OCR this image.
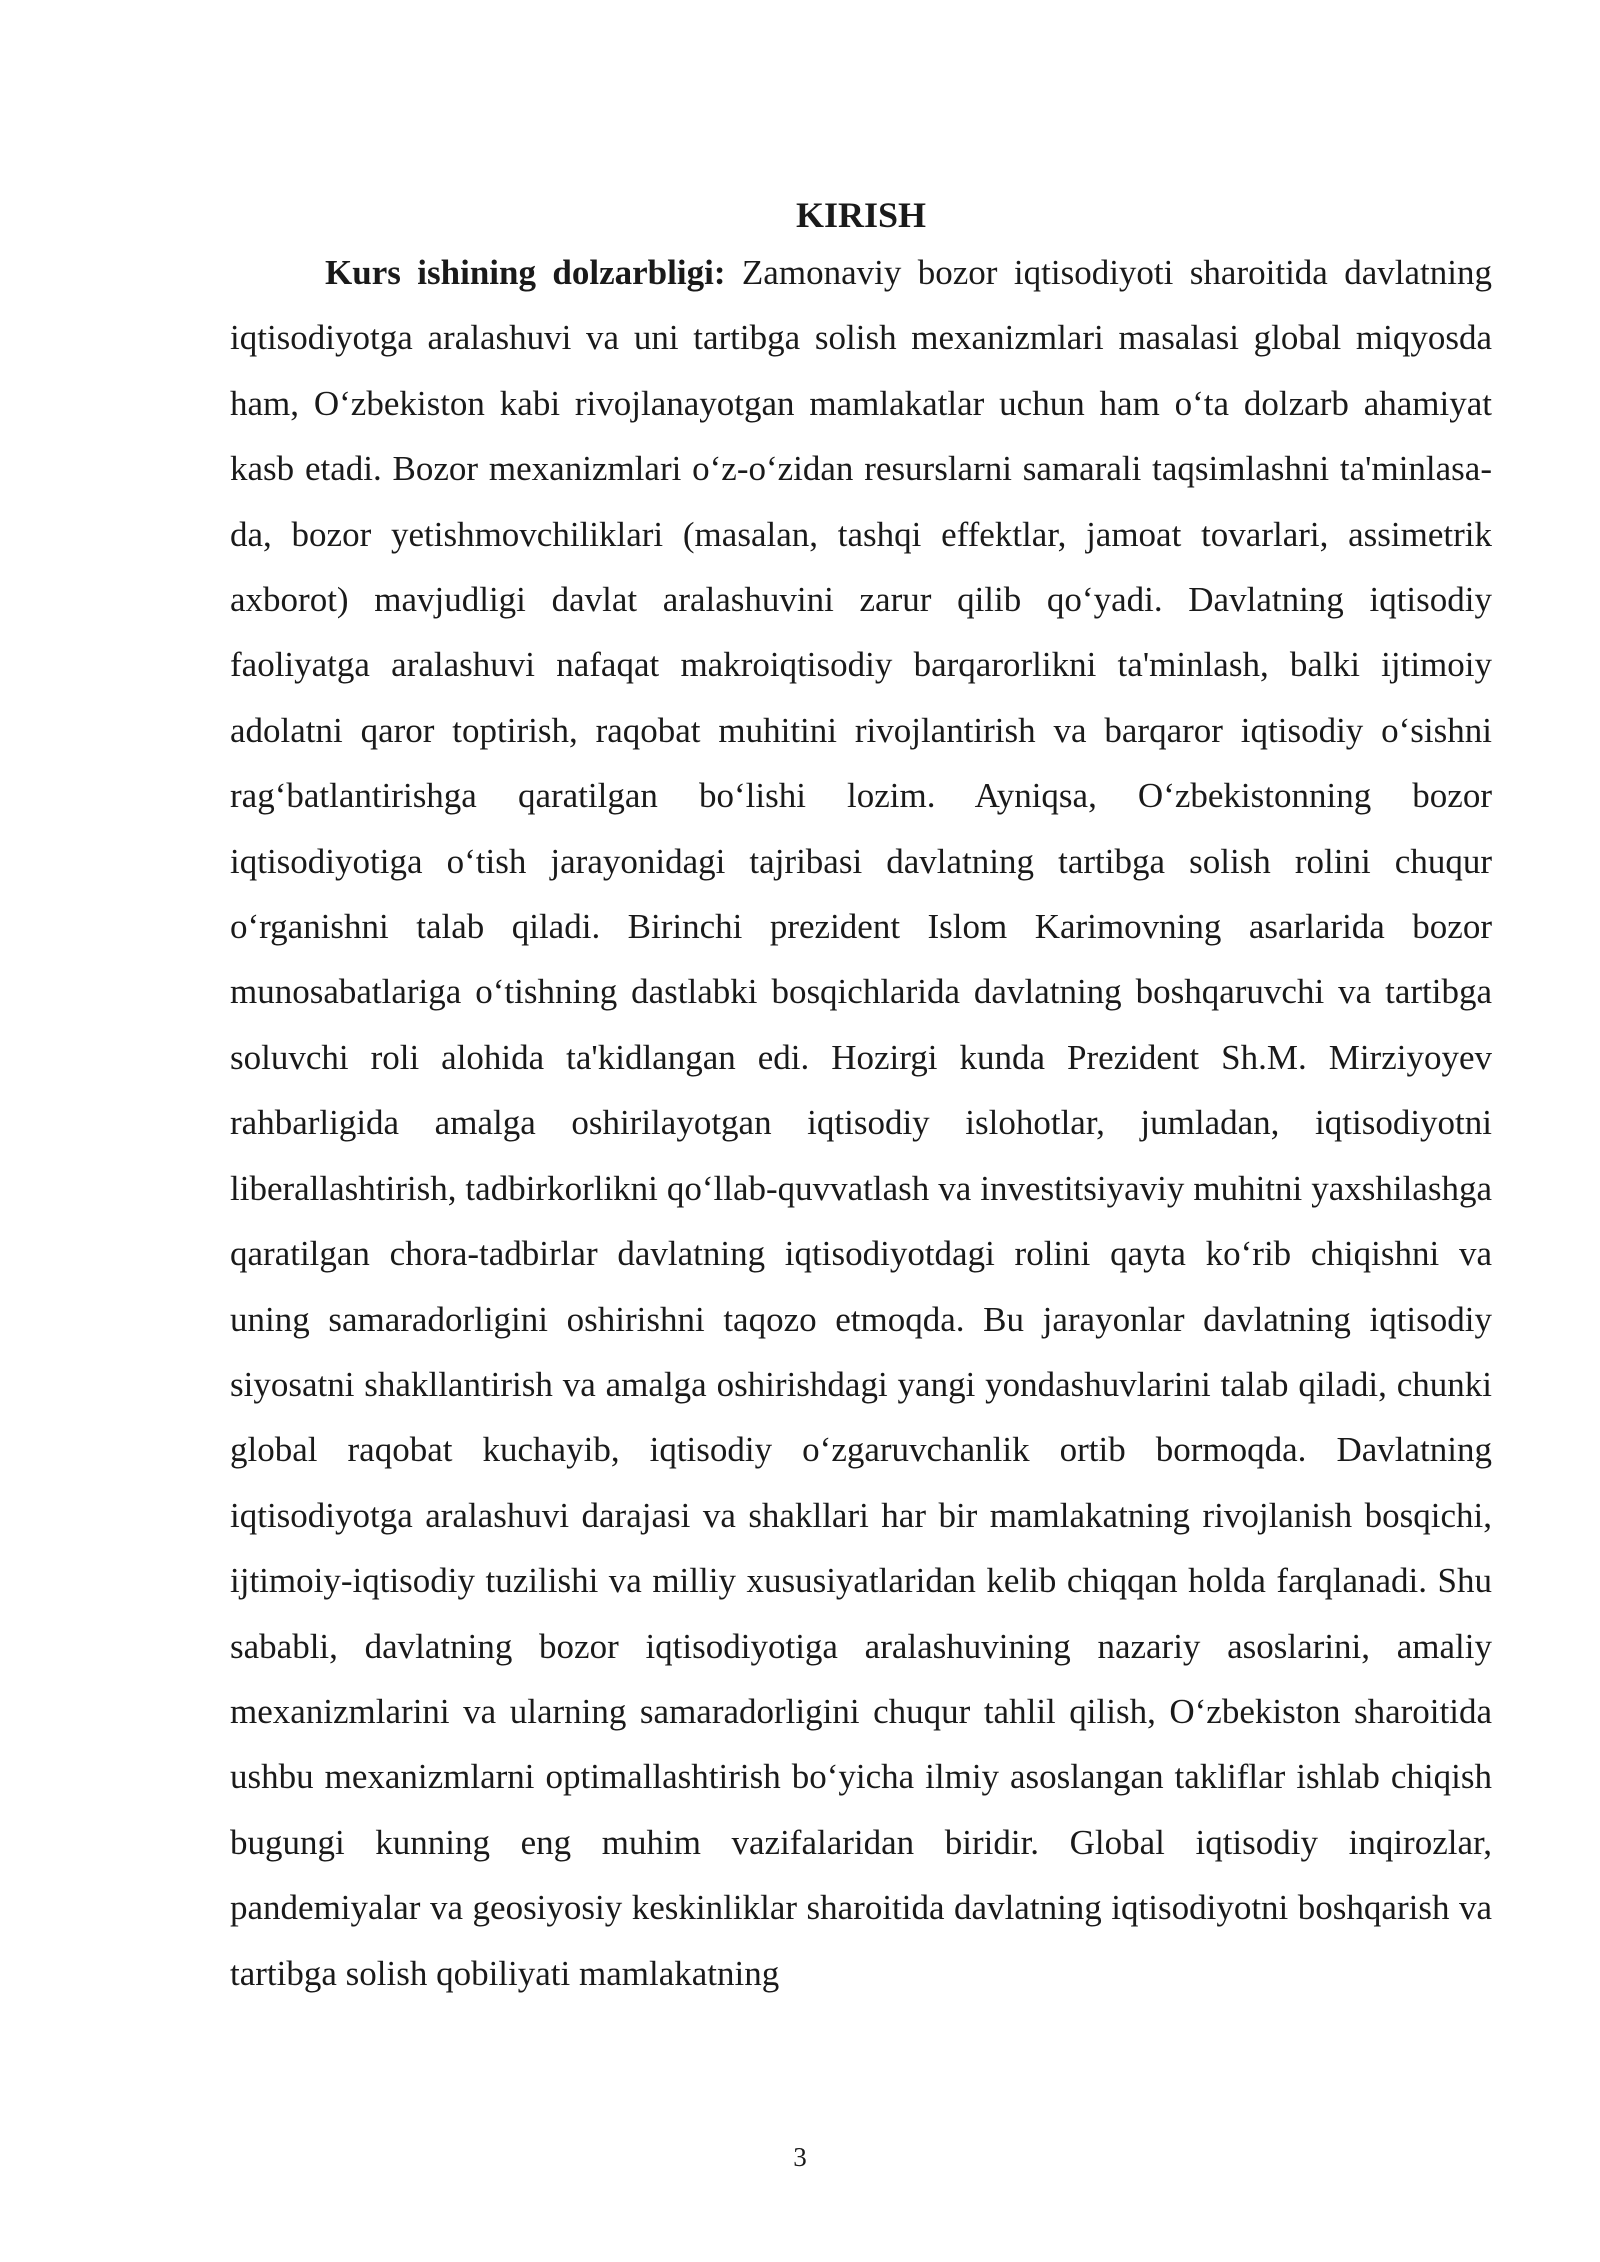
KIRISH

Kurs ishining dolzarbligi: Zamonaviy bozor iqtisodiyoti sharoitida davlatning iqtisodiyotga aralashuvi va uni tartibga solish mexanizmlari masalasi global miqyosda ham, O‘zbekiston kabi rivojlanayotgan mamlakatlar uchun ham o‘ta dolzarb ahamiyat kasb etadi. Bozor mexanizmlari o‘z-o‘zidan resurslarni samarali taqsimlashni ta'minlasa-da, bozor yetishmovchiliklari (masalan, tashqi effektlar, jamoat tovarlari, assimetrik axborot) mavjudligi davlat aralashuvini zarur qilib qo‘yadi. Davlatning iqtisodiy faoliyatga aralashuvi nafaqat makroiqtisodiy barqarorlikni ta'minlash, balki ijtimoiy adolatni qaror toptirish, raqobat muhitini rivojlantirish va barqaror iqtisodiy o‘sishni rag‘batlantirishga qaratilgan bo‘lishi lozim. Ayniqsa, O‘zbekistonning bozor iqtisodiyotiga o‘tish jarayonidagi tajribasi davlatning tartibga solish rolini chuqur o‘rganishni talab qiladi. Birinchi prezident Islom Karimovning asarlarida bozor munosabatlariga o‘tishning dastlabki bosqichlarida davlatning boshqaruvchi va tartibga soluvchi roli alohida ta'kidlangan edi. Hozirgi kunda Prezident Sh.M. Mirziyoyev rahbarligida amalga oshirilayotgan iqtisodiy islohotlar, jumladan, iqtisodiyotni liberallashtirish, tadbirkorlikni qo‘llab-quvvatlash va investitsiyaviy muhitni yaxshilashga qaratilgan chora-tadbirlar davlatning iqtisodiyotdagi rolini qayta ko‘rib chiqishni va uning samaradorligini oshirishni taqozo etmoqda. Bu jarayonlar davlatning iqtisodiy siyosatni shakllantirish va amalga oshirishdagi yangi yondashuvlarini talab qiladi, chunki global raqobat kuchayib, iqtisodiy o‘zgaruvchanlik ortib bormoqda. Davlatning iqtisodiyotga aralashuvi darajasi va shakllari har bir mamlakatning rivojlanish bosqichi, ijtimoiy-iqtisodiy tuzilishi va milliy xususiyatlaridan kelib chiqqan holda farqlanadi. Shu sababli, davlatning bozor iqtisodiyotiga aralashuvining nazariy asoslarini, amaliy mexanizmlarini va ularning samaradorligini chuqur tahlil qilish, O‘zbekiston sharoitida ushbu mexanizmlarni optimallashtirish bo‘yicha ilmiy asoslangan takliflar ishlab chiqish bugungi kunning eng muhim vazifalaridan biridir. Global iqtisodiy inqirozlar, pandemiyalar va geosiyosiy keskinliklar sharoitida davlatning iqtisodiyotni boshqarish va tartibga solish qobiliyati mamlakatning

3
